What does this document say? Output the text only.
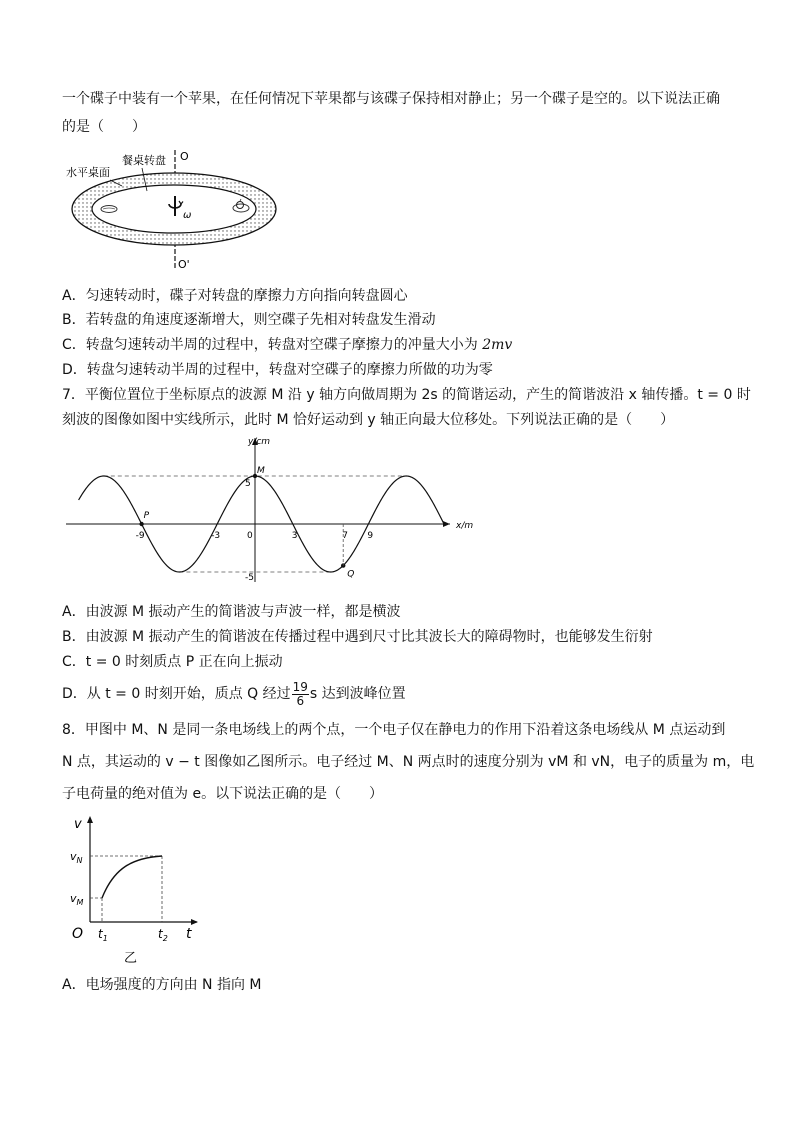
一个碟子中装有一个苹果，在任何情况下苹果都与该碟子保持相对静止；另一个碟子是空的。以下说法正确
的是（　　）
O
O'
ω
水平桌面
餐桌转盘
A．匀速转动时，碟子对转盘的摩擦力方向指向转盘圆心
B．若转盘的角速度逐渐增大，则空碟子先相对转盘发生滑动
C．转盘匀速转动半周的过程中，转盘对空碟子摩擦力的冲量大小为 2mv
D．转盘匀速转动半周的过程中，转盘对空碟子的摩擦力所做的功为零
7．平衡位置位于坐标原点的波源 M 沿 y 轴方向做周期为 2s 的简谐运动，产生的简谐波沿 x 轴传播。t = 0 时
刻波的图像如图中实线所示，此时 M 恰好运动到 y 轴正向最大位移处。下列说法正确的是（　　）
x/m
y/cm
-9	-3	0	3	7 9
5
-5
M
P
Q
A．由波源 M 振动产生的简谐波与声波一样，都是横波
B．由波源 M 振动产生的简谐波在传播过程中遇到尺寸比其波长大的障碍物时，也能够发生衍射
C．t = 0 时刻质点 P 正在向上振动
D．从 t = 0 时刻开始，质点 Q 经过 $\frac{19}{6}$ s 达到波峰位置
8．甲图中 M、N 是同一条电场线上的两个点，一个电子仅在静电力的作用下沿着这条电场线从 M 点运动到
N 点，其运动的 v − t 图像如乙图所示。电子经过 M、N 两点时的速度分别为 vM 和 vN，电子的质量为 m，电
子电荷量的绝对值为 e。以下说法正确的是（　　）
v
t
O
$v_M$
$v_N$
$t_1$	$t_2$
乙
A．电场强度的方向由 N 指向 M
